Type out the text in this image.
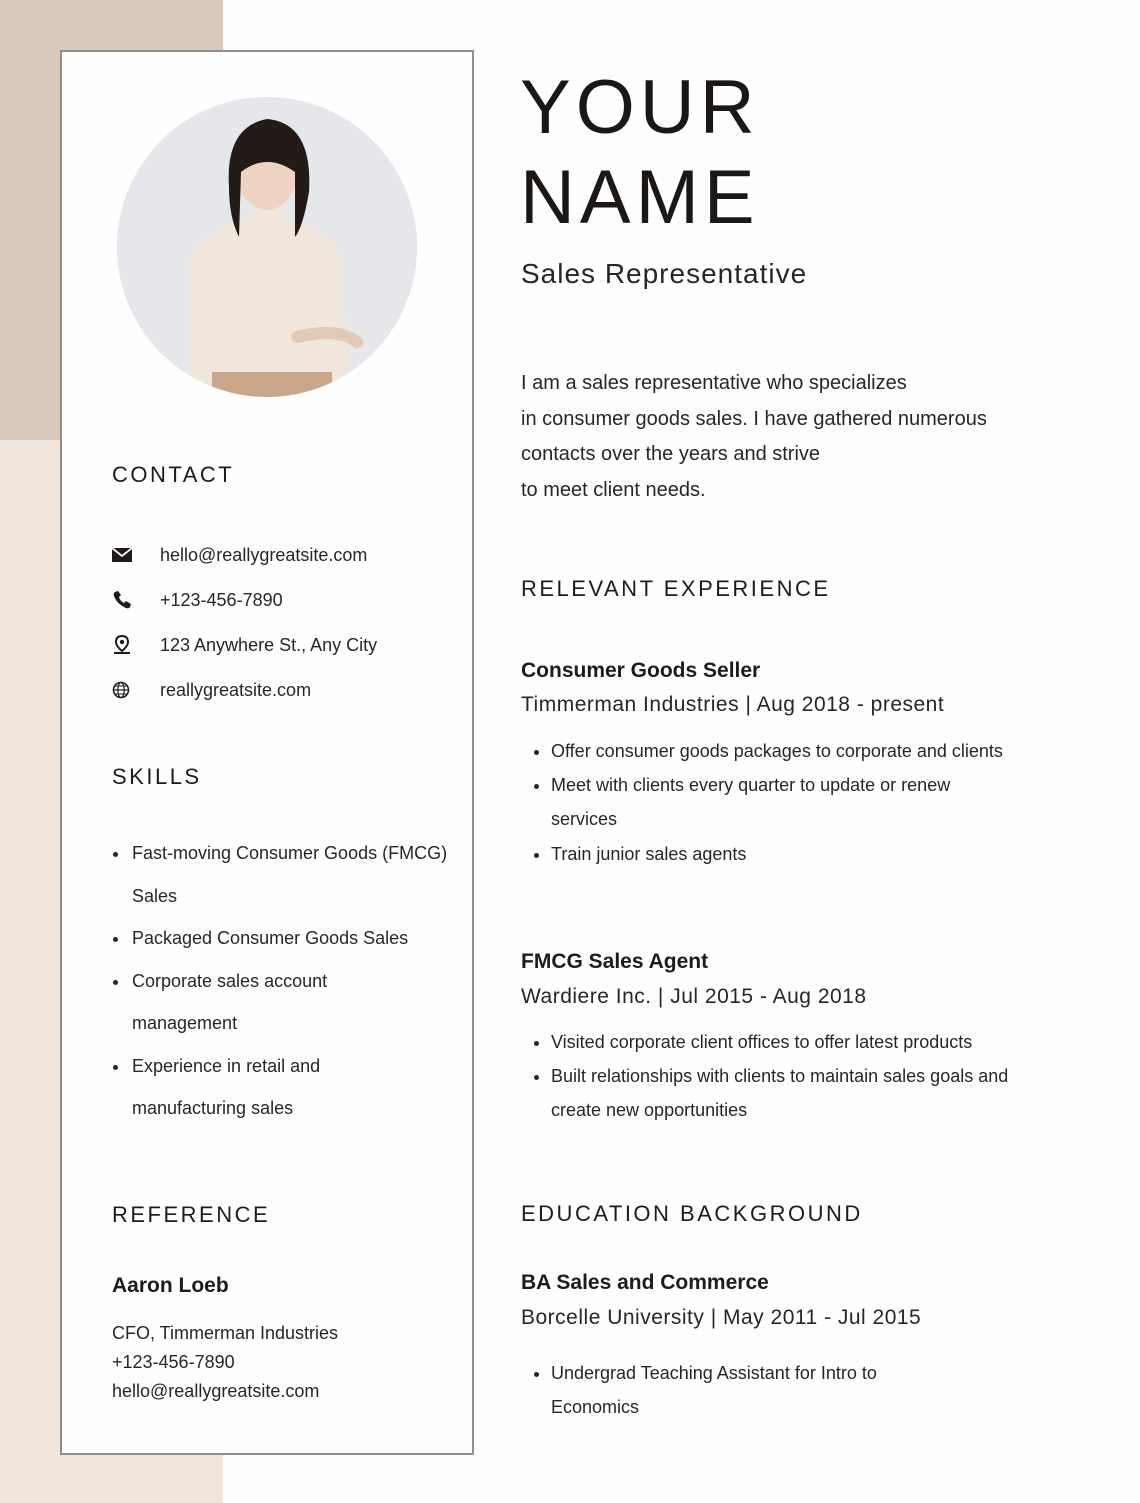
CONTACT
hello@reallygreatsite.com
+123-456-7890
123 Anywhere St., Any City
reallygreatsite.com
SKILLS
• Fast-moving Consumer Goods (FMCG) Sales
• Packaged Consumer Goods Sales
• Corporate sales account management
• Experience in retail and manufacturing sales
REFERENCE
Aaron Loeb
CFO, Timmerman Industries
+123-456-7890
hello@reallygreatsite.com
YOUR
NAME
Sales Representative

I am a sales representative who specializes
in consumer goods sales. I have gathered numerous
contacts over the years and strive
to meet client needs.

RELEVANT EXPERIENCE
Consumer Goods Seller
Timmerman Industries | Aug 2018 - present
• Offer consumer goods packages to corporate and clients
• Meet with clients every quarter to update or renew services
• Train junior sales agents
FMCG Sales Agent
Wardiere Inc. | Jul 2015 - Aug 2018
• Visited corporate client offices to offer latest products
• Built relationships with clients to maintain sales goals and create new opportunities
EDUCATION BACKGROUND
BA Sales and Commerce
Borcelle University | May 2011 - Jul 2015
• Undergrad Teaching Assistant for Intro to Economics
